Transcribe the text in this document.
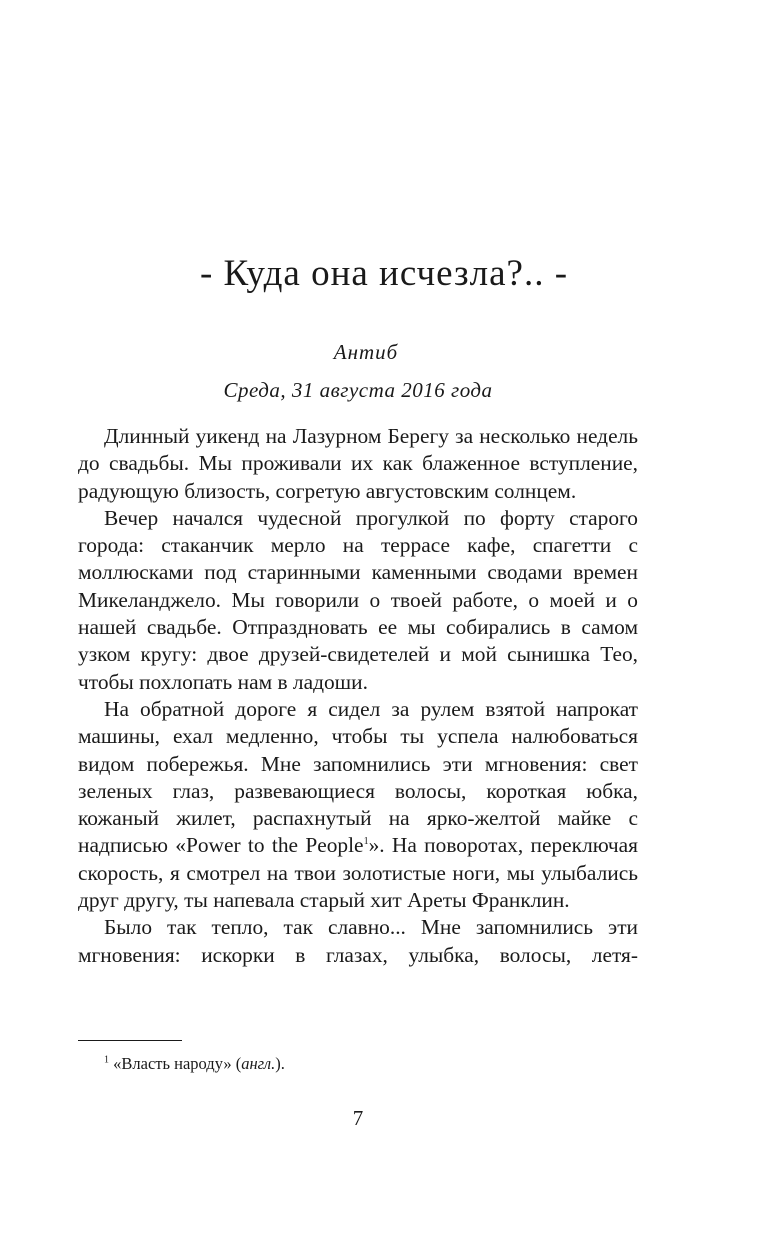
- Куда она исчезла?.. -
Антиб
Среда, 31 августа 2016 года

Длинный уикенд на Лазурном Берегу за несколько недель до свадьбы. Мы проживали их как блаженное вступление, радующую близость, согретую августовским солнцем.

Вечер начался чудесной прогулкой по форту старого города: стаканчик мерло на террасе кафе, спагетти с моллюсками под старинными каменными сводами времен Микеланджело. Мы говорили о твоей работе, о моей и о нашей свадьбе. Отпраздновать ее мы собирались в самом узком кругу: двое друзей-свидетелей и мой сынишка Тео, чтобы похлопать нам в ладоши.

На обратной дороге я сидел за рулем взятой напрокат машины, ехал медленно, чтобы ты успела налюбоваться видом побережья. Мне запомнились эти мгновения: свет зеленых глаз, развевающиеся волосы, короткая юбка, кожаный жилет, распахнутый на ярко-желтой майке с надписью «Power to the People$^1$». На поворотах, переключая скорость, я смотрел на твои золотистые ноги, мы улыбались друг другу, ты напевала старый хит Ареты Франклин.

Было так тепло, так славно... Мне запомнились эти мгновения: искорки в глазах, улыбка, волосы, летя-

$^1$ «Власть народу» (англ.).
7
